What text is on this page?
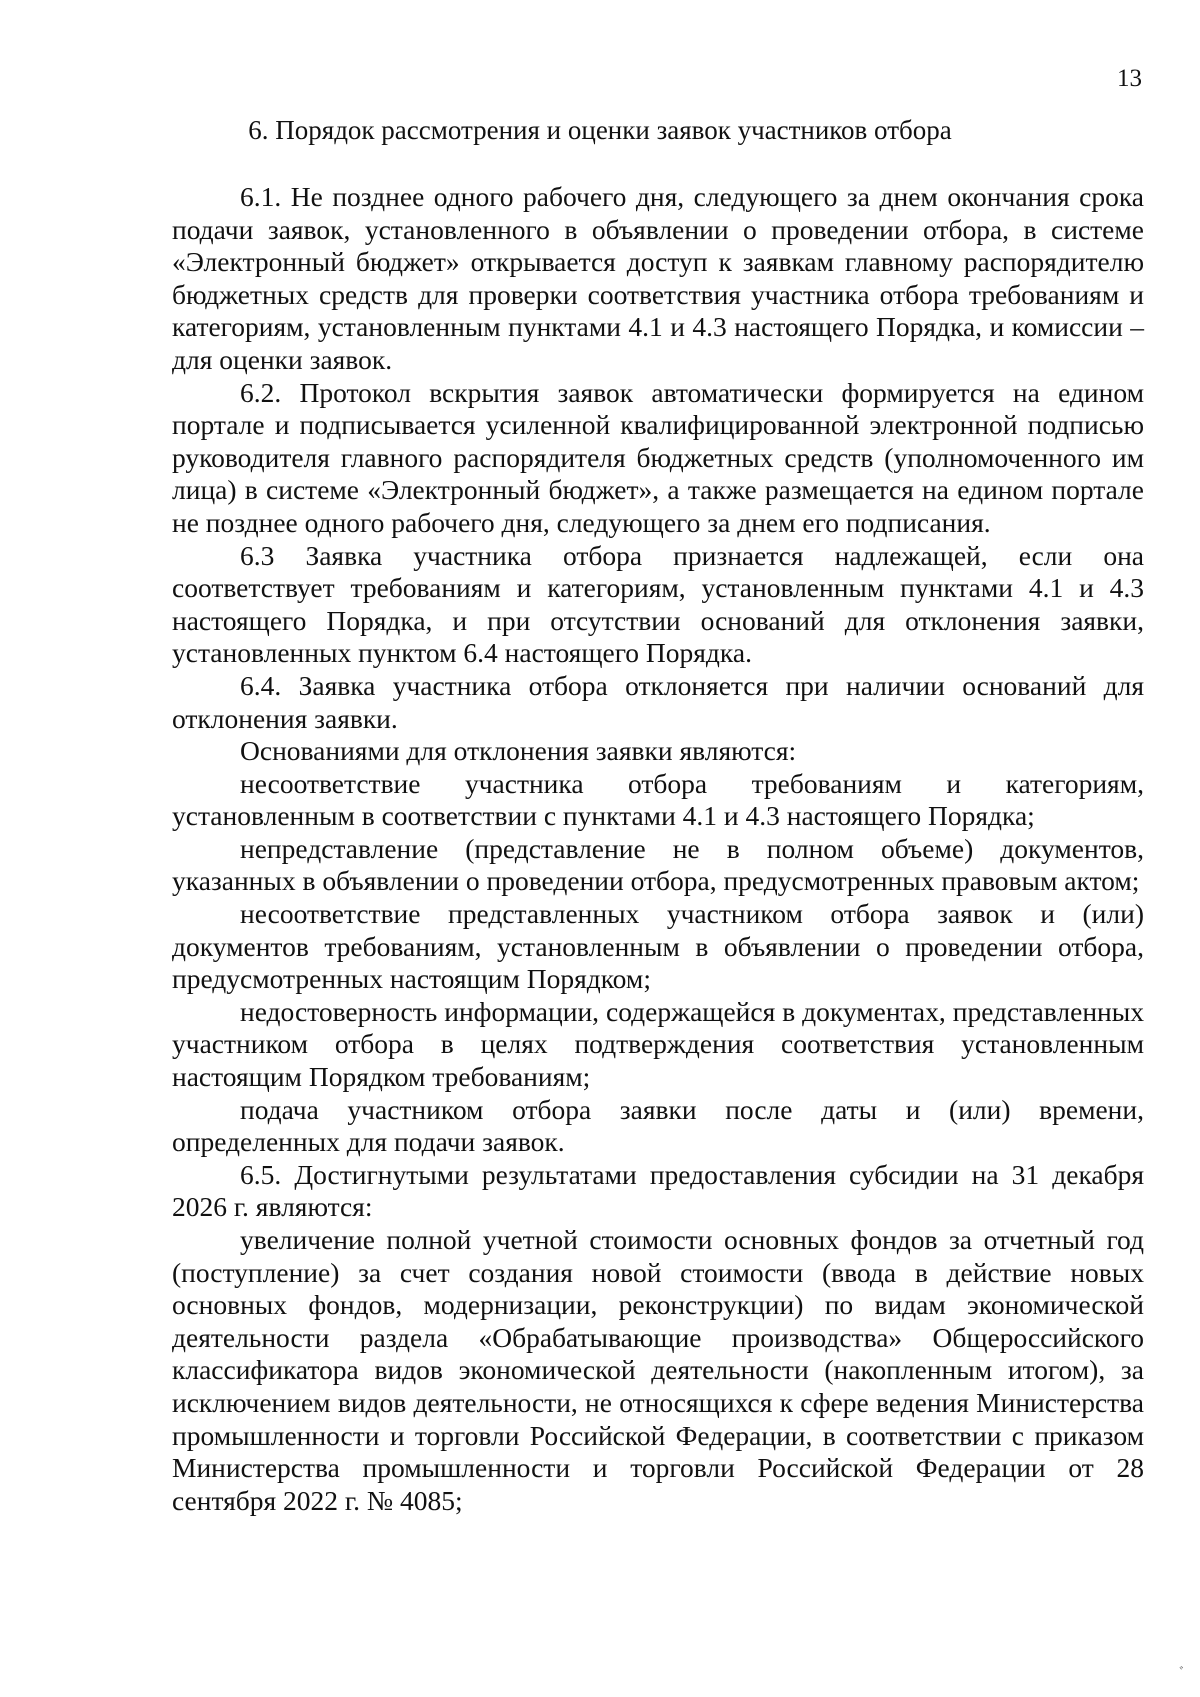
13
6. Порядок рассмотрения и оценки заявок участников отбора

6.1. Не позднее одного рабочего дня, следующего за днем окончания срока подачи заявок, установленного в объявлении о проведении отбора, в системе «Электронный бюджет» открывается доступ к заявкам главному распорядителю бюджетных средств для проверки соответствия участника отбора требованиям и категориям, установленным пунктами 4.1 и 4.3 настоящего Порядка, и комиссии – для оценки заявок.

6.2. Протокол вскрытия заявок автоматически формируется на едином портале и подписывается усиленной квалифицированной электронной подписью руководителя главного распорядителя бюджетных средств (уполномоченного им лица) в системе «Электронный бюджет», а также размещается на едином портале не позднее одного рабочего дня, следующего за днем его подписания.

6.3 Заявка участника отбора признается надлежащей, если она соответствует требованиям и категориям, установленным пунктами 4.1 и 4.3 настоящего Порядка, и при отсутствии оснований для отклонения заявки, установленных пунктом 6.4 настоящего Порядка.

6.4. Заявка участника отбора отклоняется при наличии оснований для отклонения заявки.

Основаниями для отклонения заявки являются:

несоответствие участника отбора требованиям и категориям, установленным в соответствии с пунктами 4.1 и 4.3 настоящего Порядка;

непредставление (представление не в полном объеме) документов, указанных в объявлении о проведении отбора, предусмотренных правовым актом;

несоответствие представленных участником отбора заявок и (или) документов требованиям, установленным в объявлении о проведении отбора, предусмотренных настоящим Порядком;

недостоверность информации, содержащейся в документах, представленных участником отбора в целях подтверждения соответствия установленным настоящим Порядком требованиям;

подача участником отбора заявки после даты и (или) времени, определенных для подачи заявок.

6.5. Достигнутыми результатами предоставления субсидии на 31 декабря 2026 г. являются:

увеличение полной учетной стоимости основных фондов за отчетный год (поступление) за счет создания новой стоимости (ввода в действие новых основных фондов, модернизации, реконструкции) по видам экономической деятельности раздела «Обрабатывающие производства» Общероссийского классификатора видов экономической деятельности (накопленным итогом), за исключением видов деятельности, не относящихся к сфере ведения Министерства промышленности и торговли Российской Федерации, в соответствии с приказом Министерства промышленности и торговли Российской Федерации от 28 сентября 2022 г. № 4085;

ﾞ
